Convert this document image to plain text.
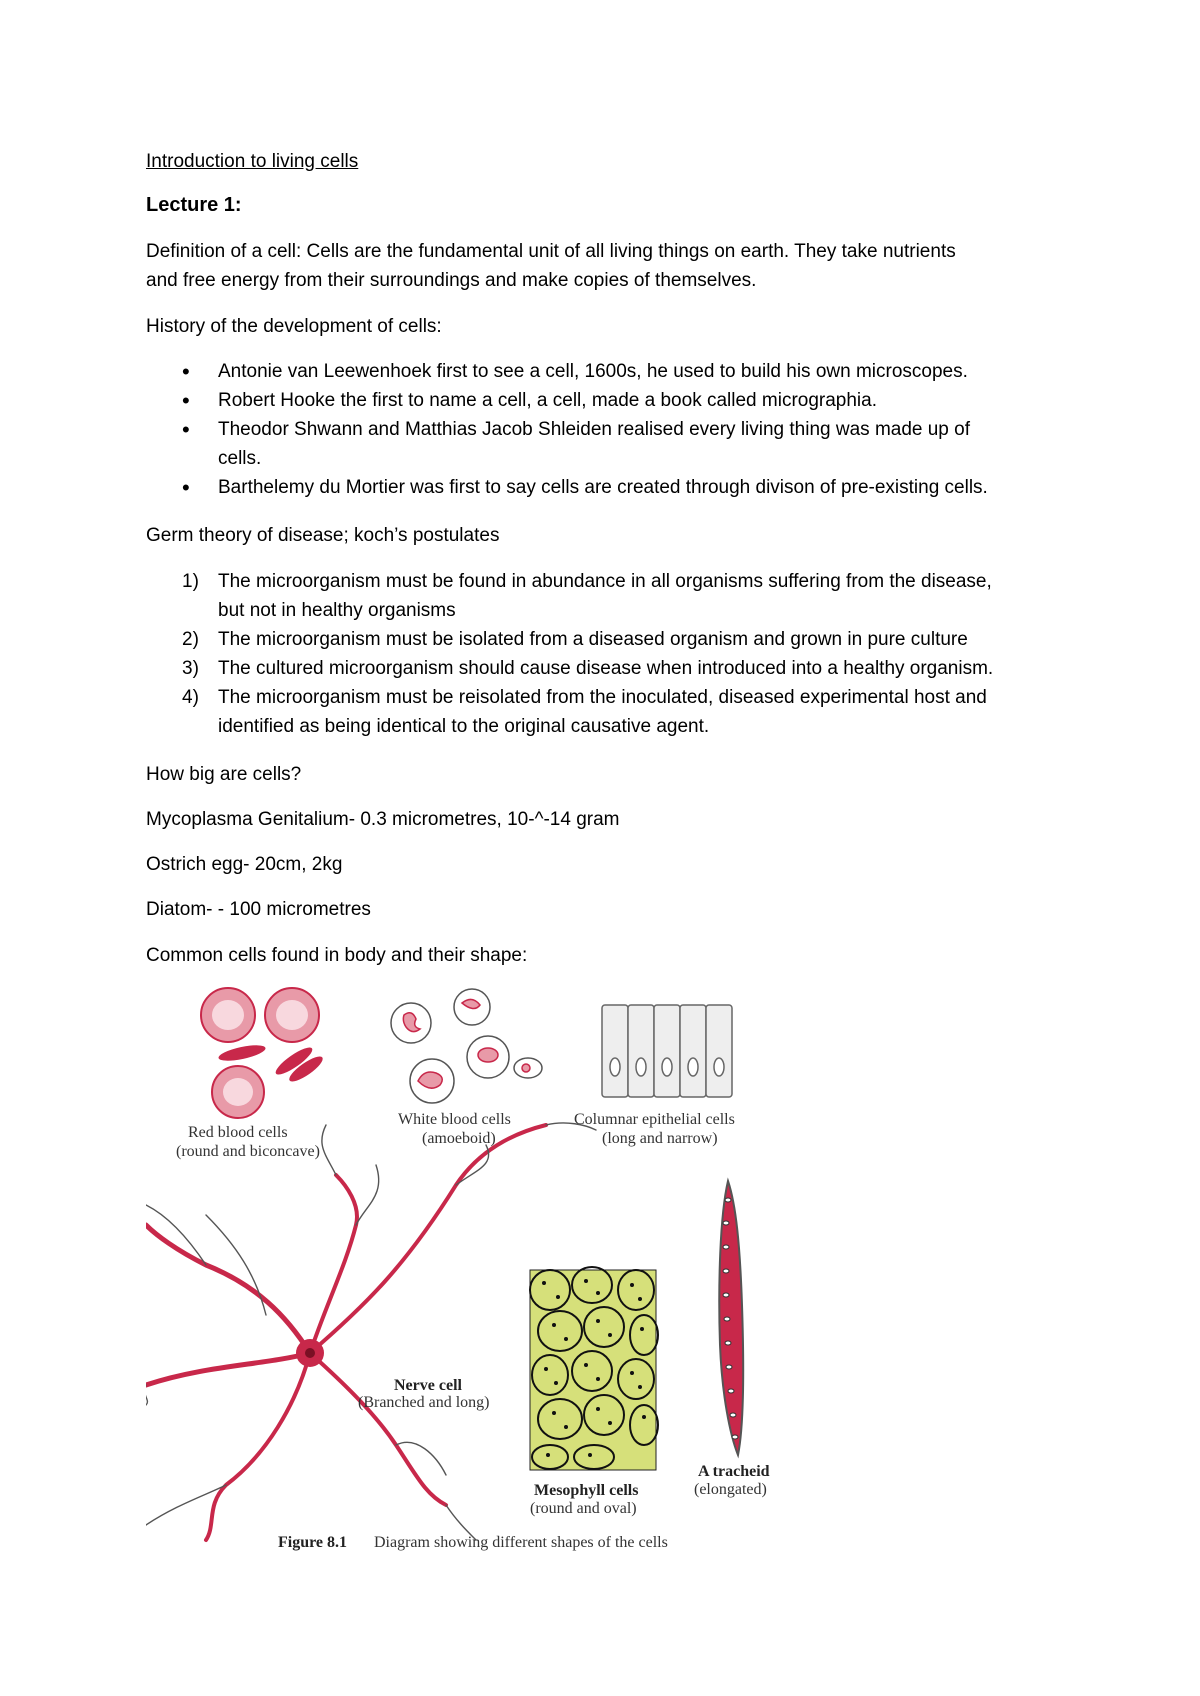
Introduction to living cells
Lecture 1:
Definition of a cell: Cells are the fundamental unit of all living things on earth. They take nutrients
and free energy from their surroundings and make copies of themselves.
History of the development of cells:
•	Antonie van Leewenhoek first to see a cell, 1600s, he used to build his own microscopes.
•	Robert Hooke the first to name a cell, a cell, made a book called micrographia.
•	Theodor Shwann and Matthias Jacob Shleiden realised every living thing was made up of
cells.
•	Barthelemy du Mortier was first to say cells are created through divison of pre-existing cells.
Germ theory of disease; koch’s postulates
1) The microorganism must be found in abundance in all organisms suffering from the disease,
but not in healthy organisms
2) The microorganism must be isolated from a diseased organism and grown in pure culture
3) The cultured microorganism should cause disease when introduced into a healthy organism.
4) The microorganism must be reisolated from the inoculated, diseased experimental host and
identified as being identical to the original causative agent.
How big are cells?
Mycoplasma Genitalium- 0.3 micrometres, 10-^-14 gram
Ostrich egg- 20cm, 2kg
Diatom- - 100 micrometres
Common cells found in body and their shape:
Red blood cells
(round and biconcave)
White blood cells
(amoeboid)
Columnar epithelial cells
(long and narrow)
Nerve cell
(Branched and long)
Mesophyll cells
(round and oval)
A tracheid
(elongated)
Figure 8.1 Diagram showing different shapes of the cells
